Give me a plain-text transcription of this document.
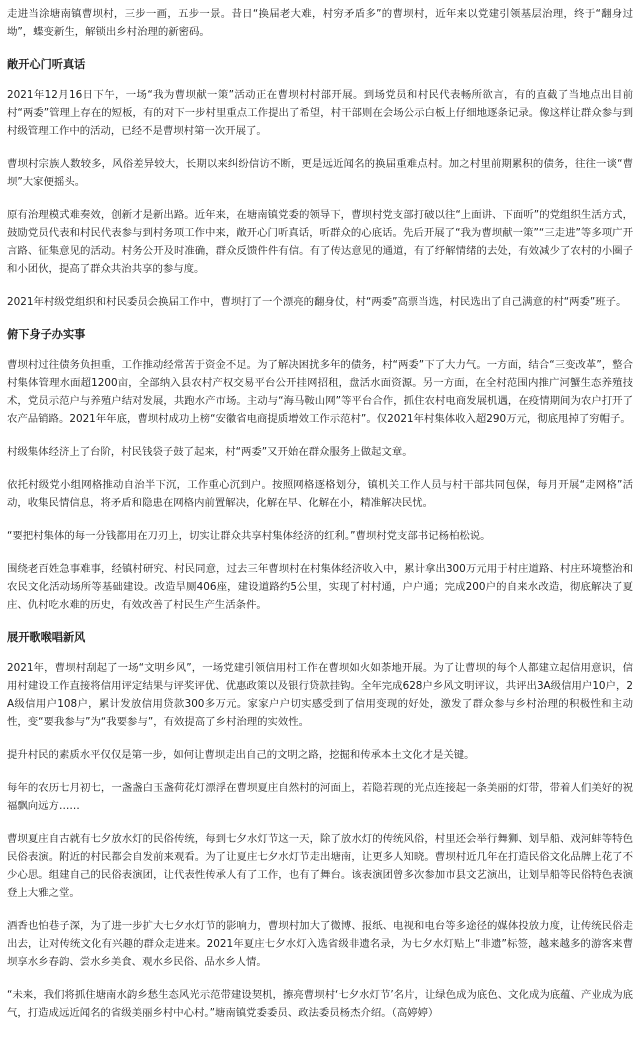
走进当涂塘南镇曹坝村，三步一画，五步一景。昔日“换届老大难，村穷矛盾多”的曹坝村，近年来以党建引领基层治理，终于“翻身过坳”，蝶变新生，解锁出乡村治理的新密码。

敞开心门听真话

2021年12月16日下午，一场“我为曹坝献一策”活动正在曹坝村村部开展。到场党员和村民代表畅所欲言，有的直截了当地点出目前村“两委”管理上存在的短板，有的对下一步村里重点工作提出了希望，村干部则在会场公示白板上仔细地逐条记录。像这样让群众参与到村级管理工作中的活动，已经不是曹坝村第一次开展了。

曹坝村宗族人数较多，风俗差异较大，长期以来纠纷信访不断，更是远近闻名的换届重难点村。加之村里前期累积的债务，往往一谈“曹坝”大家便摇头。

原有治理模式难奏效，创新才是新出路。近年来，在塘南镇党委的领导下，曹坝村党支部打破以往“上面讲、下面听”的党组织生活方式，鼓励党员代表和村民代表参与到村务项工作中来，敞开心门听真话，听群众的心底话。先后开展了“我为曹坝献一策”“三走进”等多项广开言路、征集意见的活动。村务公开及时准确，群众反馈件件有信。有了传达意见的通道，有了纾解情绪的去处，有效减少了农村的小圈子和小团伙，提高了群众共治共享的参与度。

2021年村级党组织和村民委员会换届工作中，曹坝打了一个漂亮的翻身仗，村“两委”高票当选，村民选出了自己满意的村“两委”班子。

俯下身子办实事

曹坝村过往债务负担重，工作推动经常苦于资金不足。为了解决困扰多年的债务，村“两委”下了大力气。一方面，结合“三变改革”，整合村集体管理水面超1200亩，全部纳入县农村产权交易平台公开挂网招租，盘活水面资源。另一方面，在全村范围内推广河蟹生态养殖技术，党员示范户与养殖户结对发展，共跑水产市场。主动与“海马鞍山网”等平台合作，抓住农村电商发展机遇，在疫情期间为农户打开了农产品销路。2021年年底，曹坝村成功上榜“安徽省电商提质增效工作示范村”。仅2021年村集体收入超290万元，彻底甩掉了穷帽子。

村级集体经济上了台阶，村民钱袋子鼓了起来，村“两委”又开始在群众服务上做起文章。

依托村级党小组网格推动自治半下沉，工作重心沉到户。按照网格逐格划分，镇机关工作人员与村干部共同包保，每月开展“走网格”活动，收集民情信息，将矛盾和隐患在网格内前置解决，化解在早、化解在小，精准解决民忧。

“要把村集体的每一分钱都用在刀刃上，切实让群众共享村集体经济的红利。”曹坝村党支部书记杨柏松说。

围绕老百姓急事难事，经镇村研究、村民同意，过去三年曹坝村在村集体经济收入中，累计拿出300万元用于村庄道路、村庄环境整治和农民文化活动场所等基础建设。改造旱厕406座，建设道路约5公里，实现了村村通，户户通；完成200户的自来水改造，彻底解决了夏庄、仇村吃水难的历史，有效改善了村民生产生活条件。

展开歌喉唱新风

2021年，曹坝村刮起了一场“文明乡风”，一场党建引领信用村工作在曹坝如火如荼地开展。为了让曹坝的每个人都建立起信用意识，信用村建设工作直接将信用评定结果与评奖评优、优惠政策以及银行贷款挂钩。全年完成628户乡风文明评议，共评出3A级信用户10户，2A级信用户108户，累计发放信用贷款300多万元。家家户户切实感受到了信用变现的好处，激发了群众参与乡村治理的积极性和主动性，变“要我参与”为“我要参与”，有效提高了乡村治理的实效性。

提升村民的素质水平仅仅是第一步，如何让曹坝走出自己的文明之路，挖掘和传承本土文化才是关键。

每年的农历七月初七，一盏盏白玉盏荷花灯漂浮在曹坝夏庄自然村的河面上，若隐若现的光点连接起一条美丽的灯带，带着人们美好的祝福飘向远方……

曹坝夏庄自古就有七夕放水灯的民俗传统，每到七夕水灯节这一天，除了放水灯的传统风俗，村里还会举行舞狮、划旱船、戏河蚌等特色民俗表演。附近的村民都会自发前来观看。为了让夏庄七夕水灯节走出塘南，让更多人知晓。曹坝村近几年在打造民俗文化品牌上花了不少心思。组建自己的民俗表演团，让代表性传承人有了工作，也有了舞台。该表演团曾多次参加市县文艺演出，让划旱船等民俗特色表演登上大雅之堂。

酒香也怕巷子深，为了进一步扩大七夕水灯节的影响力，曹坝村加大了微博、报纸、电视和电台等多途径的媒体投放力度，让传统民俗走出去，让对传统文化有兴趣的群众走进来。2021年夏庄七夕水灯入选省级非遗名录，为七夕水灯贴上“非遗”标签，越来越多的游客来曹坝享水乡春韵、尝水乡美食、观水乡民俗、品水乡人情。

“未来，我们将抓住塘南水韵乡愁生态风光示范带建设契机，擦亮曹坝村‘七夕水灯节’名片，让绿色成为底色、文化成为底蕴、产业成为底气，打造成远近闻名的省级美丽乡村中心村。”塘南镇党委委员、政法委员杨杰介绍。（高婷婷）
